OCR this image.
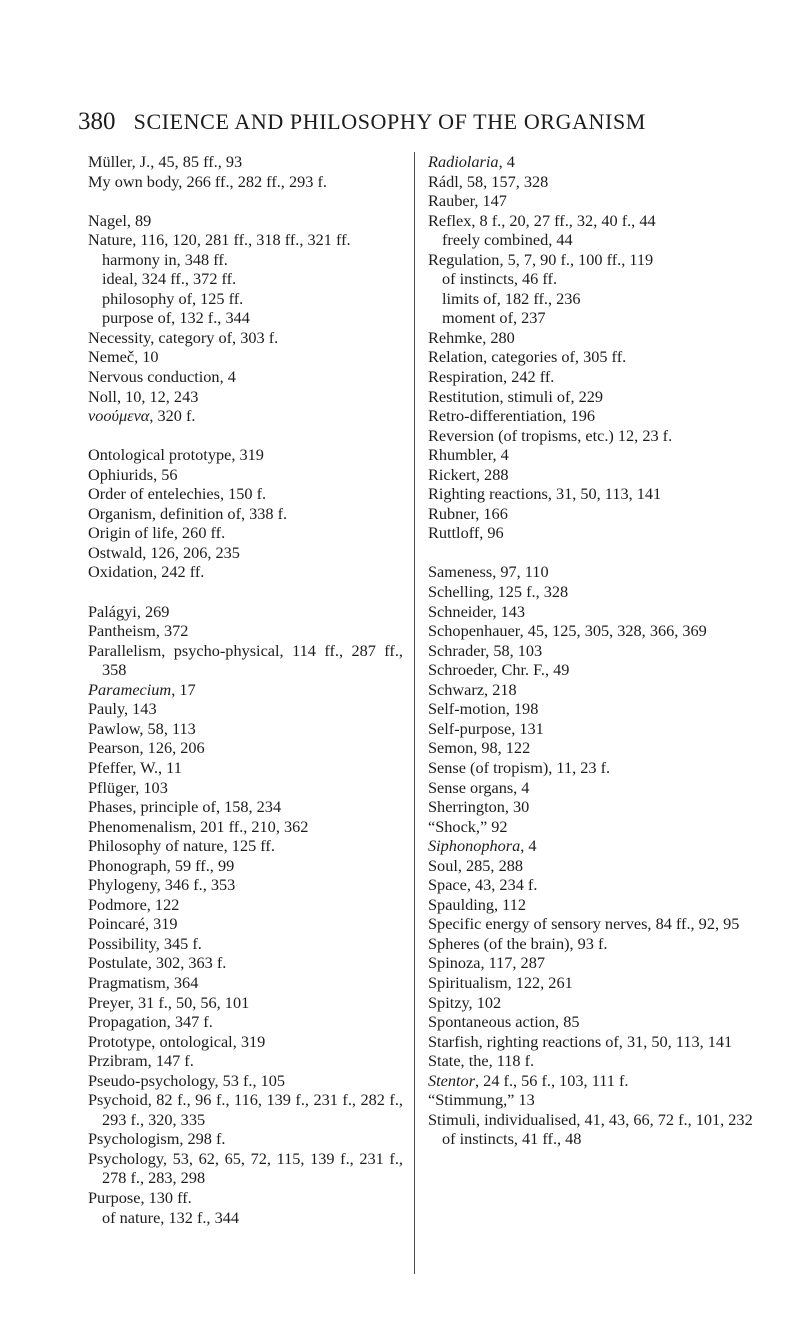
380 SCIENCE AND PHILOSOPHY OF THE ORGANISM
Müller, J., 45, 85 ff., 93
My own body, 266 ff., 282 ff., 293 f.
Nagel, 89
Nature, 116, 120, 281 ff., 318 ff., 321 ff.
harmony in, 348 ff.
ideal, 324 ff., 372 ff.
philosophy of, 125 ff.
purpose of, 132 f., 344
Necessity, category of, 303 f.
Nemeč, 10
Nervous conduction, 4
Noll, 10, 12, 243
νοούμενα, 320 f.
Ontological prototype, 319
Ophiurids, 56
Order of entelechies, 150 f.
Organism, definition of, 338 f.
Origin of life, 260 ff.
Ostwald, 126, 206, 235
Oxidation, 242 ff.
Palágyi, 269
Pantheism, 372
Parallelism, psycho-physical, 114 ff., 287 ff., 358
Paramecium, 17
Pauly, 143
Pawlow, 58, 113
Pearson, 126, 206
Pfeffer, W., 11
Pflüger, 103
Phases, principle of, 158, 234
Phenomenalism, 201 ff., 210, 362
Philosophy of nature, 125 ff.
Phonograph, 59 ff., 99
Phylogeny, 346 f., 353
Podmore, 122
Poincaré, 319
Possibility, 345 f.
Postulate, 302, 363 f.
Pragmatism, 364
Preyer, 31 f., 50, 56, 101
Propagation, 347 f.
Prototype, ontological, 319
Przibram, 147 f.
Pseudo-psychology, 53 f., 105
Psychoid, 82 f., 96 f., 116, 139 f., 231 f., 282 f., 293 f., 320, 335
Psychologism, 298 f.
Psychology, 53, 62, 65, 72, 115, 139 f., 231 f., 278 f., 283, 298
Purpose, 130 ff.
of nature, 132 f., 344
Radiolaria, 4
Rádl, 58, 157, 328
Rauber, 147
Reflex, 8 f., 20, 27 ff., 32, 40 f., 44
freely combined, 44
Regulation, 5, 7, 90 f., 100 ff., 119
of instincts, 46 ff.
limits of, 182 ff., 236
moment of, 237
Rehmke, 280
Relation, categories of, 305 ff.
Respiration, 242 ff.
Restitution, stimuli of, 229
Retro-differentiation, 196
Reversion (of tropisms, etc.) 12, 23 f.
Rhumbler, 4
Rickert, 288
Righting reactions, 31, 50, 113, 141
Rubner, 166
Ruttloff, 96
Sameness, 97, 110
Schelling, 125 f., 328
Schneider, 143
Schopenhauer, 45, 125, 305, 328, 366, 369
Schrader, 58, 103
Schroeder, Chr. F., 49
Schwarz, 218
Self-motion, 198
Self-purpose, 131
Semon, 98, 122
Sense (of tropism), 11, 23 f.
Sense organs, 4
Sherrington, 30
“Shock,” 92
Siphonophora, 4
Soul, 285, 288
Space, 43, 234 f.
Spaulding, 112
Specific energy of sensory nerves, 84 ff., 92, 95
Spheres (of the brain), 93 f.
Spinoza, 117, 287
Spiritualism, 122, 261
Spitzy, 102
Spontaneous action, 85
Starfish, righting reactions of, 31, 50, 113, 141
State, the, 118 f.
Stentor, 24 f., 56 f., 103, 111 f.
“Stimmung,” 13
Stimuli, individualised, 41, 43, 66, 72 f., 101, 232
of instincts, 41 ff., 48
